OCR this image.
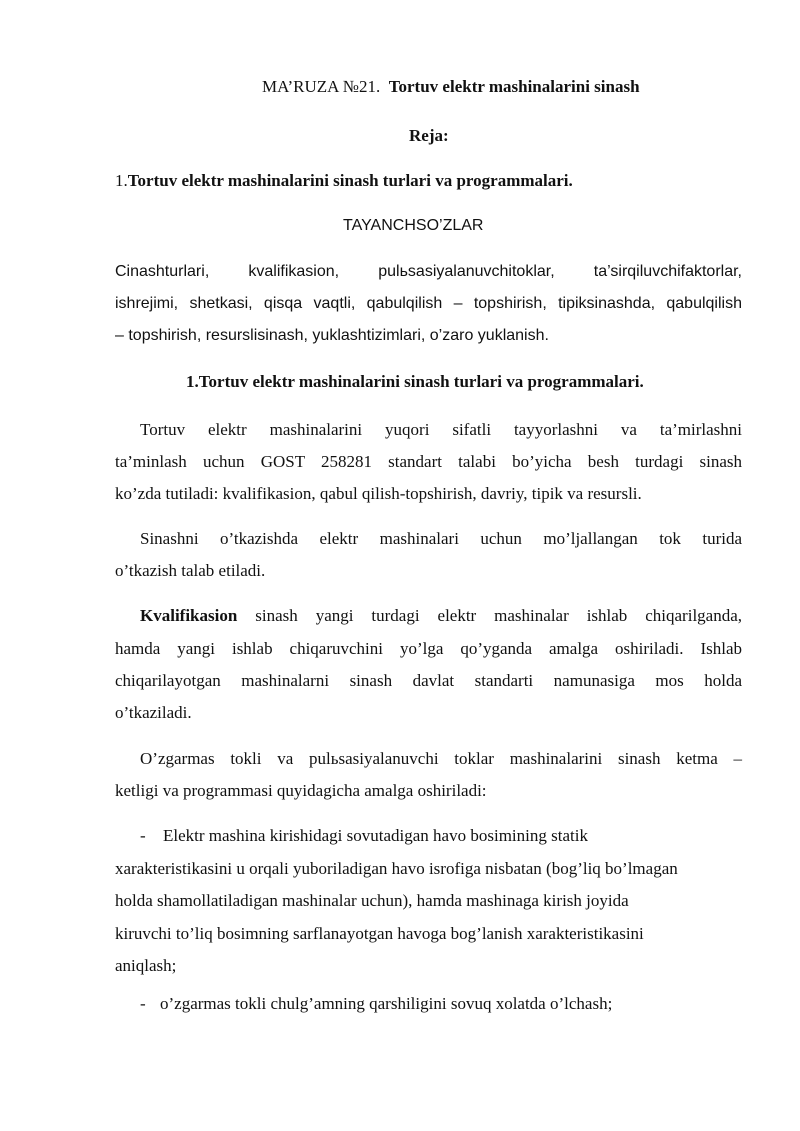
MA’RUZA №21. Tortuv elektr mashinalarini sinash
Reja:
1.Tortuv elektr mashinalarini sinash turlari va programmalari.
TAYANCHSO’ZLAR
Cinashturlari, kvalifikasion, pulьsasiyalanuvchitoklar, ta’sirqiluvchifaktorlar,
ishrejimi, shetkasi, qisqa vaqtli, qabulqilish – topshirish, tipiksinashda, qabulqilish
– topshirish, resurslisinash, yuklashtizimlari, o’zaro yuklanish.
1.Tortuv elektr mashinalarini sinash turlari va programmalari.
Tortuv elektr mashinalarini yuqori sifatli tayyorlashni va ta’mirlashni
ta’minlash uchun GOST 258281 standart talabi bo’yicha besh turdagi sinash
ko’zda tutiladi: kvalifikasion, qabul qilish-topshirish, davriy, tipik va resursli.
Sinashni o’tkazishda elektr mashinalari uchun mo’ljallangan tok turida
o’tkazish talab etiladi.
Kvalifikasion sinash yangi turdagi elektr mashinalar ishlab chiqarilganda,
hamda yangi ishlab chiqaruvchini yo’lga qo’yganda amalga oshiriladi. Ishlab
chiqarilayotgan mashinalarni sinash davlat standarti namunasiga mos holda
o’tkaziladi.
O’zgarmas tokli va pulьsasiyalanuvchi toklar mashinalarini sinash ketma –
ketligi va programmasi quyidagicha amalga oshiriladi:
- Elektr mashina kirishidagi sovutadigan havo bosimining statik
xarakteristikasini u orqali yuboriladigan havo isrofiga nisbatan (bog’liq bo’lmagan
holda shamollatiladigan mashinalar uchun), hamda mashinaga kirish joyida
kiruvchi to’liq bosimning sarflanayotgan havoga bog’lanish xarakteristikasini
aniqlash;
- o’zgarmas tokli chulg’amning qarshiligini sovuq xolatda o’lchash;
